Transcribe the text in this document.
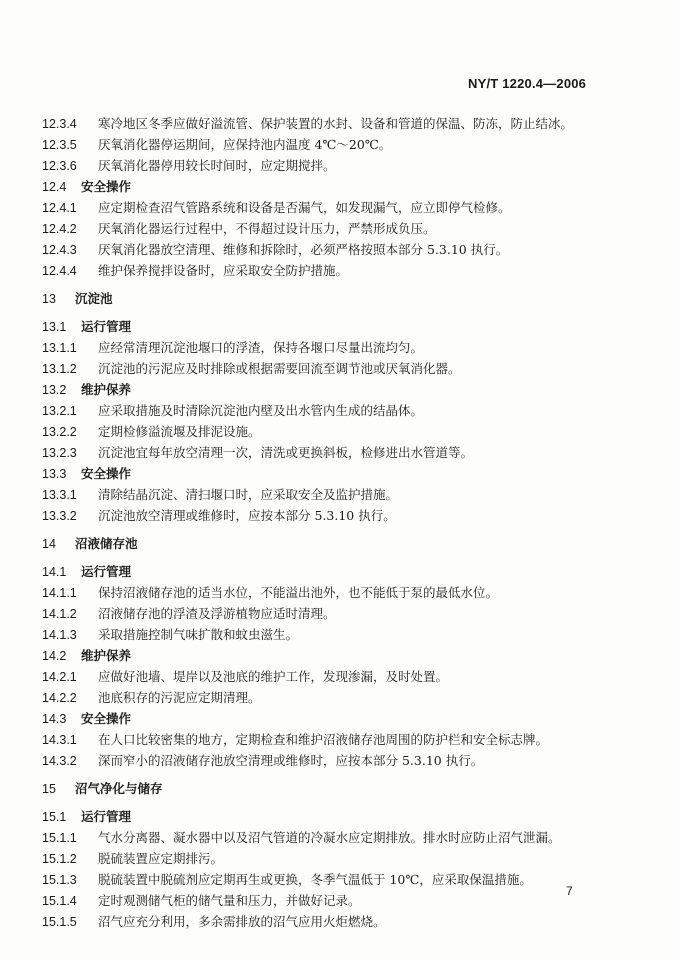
NY/T 1220.4—2006
12.3.4 寒冷地区冬季应做好溢流管、保护装置的水封、设备和管道的保温、防冻，防止结冰。
12.3.5 厌氧消化器停运期间，应保持池内温度 4℃～20℃。
12.3.6 厌氧消化器停用较长时间时，应定期搅拌。
12.4 安全操作
12.4.1 应定期检查沼气管路系统和设备是否漏气，如发现漏气，应立即停气检修。
12.4.2 厌氧消化器运行过程中，不得超过设计压力，严禁形成负压。
12.4.3 厌氧消化器放空清理、维修和拆除时，必须严格按照本部分 5.3.10 执行。
12.4.4 维护保养搅拌设备时，应采取安全防护措施。
13 沉淀池
13.1 运行管理
13.1.1 应经常清理沉淀池堰口的浮渣，保持各堰口尽量出流均匀。
13.1.2 沉淀池的污泥应及时排除或根据需要回流至调节池或厌氧消化器。
13.2 维护保养
13.2.1 应采取措施及时清除沉淀池内壁及出水管内生成的结晶体。
13.2.2 定期检修溢流堰及排泥设施。
13.2.3 沉淀池宜每年放空清理一次，清洗或更换斜板，检修进出水管道等。
13.3 安全操作
13.3.1 清除结晶沉淀、清扫堰口时，应采取安全及监护措施。
13.3.2 沉淀池放空清理或维修时，应按本部分 5.3.10 执行。
14 沼液储存池
14.1 运行管理
14.1.1 保持沼液储存池的适当水位，不能溢出池外，也不能低于泵的最低水位。
14.1.2 沼液储存池的浮渣及浮游植物应适时清理。
14.1.3 采取措施控制气味扩散和蚊虫滋生。
14.2 维护保养
14.2.1 应做好池墙、堤岸以及池底的维护工作，发现渗漏，及时处置。
14.2.2 池底积存的污泥应定期清理。
14.3 安全操作
14.3.1 在人口比较密集的地方，定期检查和维护沼液储存池周围的防护栏和安全标志牌。
14.3.2 深而窄小的沼液储存池放空清理或维修时，应按本部分 5.3.10 执行。
15 沼气净化与储存
15.1 运行管理
15.1.1 气水分离器、凝水器中以及沼气管道的冷凝水应定期排放。排水时应防止沼气泄漏。
15.1.2 脱硫装置应定期排污。
15.1.3 脱硫装置中脱硫剂应定期再生或更换，冬季气温低于 10℃，应采取保温措施。
15.1.4 定时观测储气柜的储气量和压力，并做好记录。
15.1.5 沼气应充分利用，多余需排放的沼气应用火炬燃烧。
7
